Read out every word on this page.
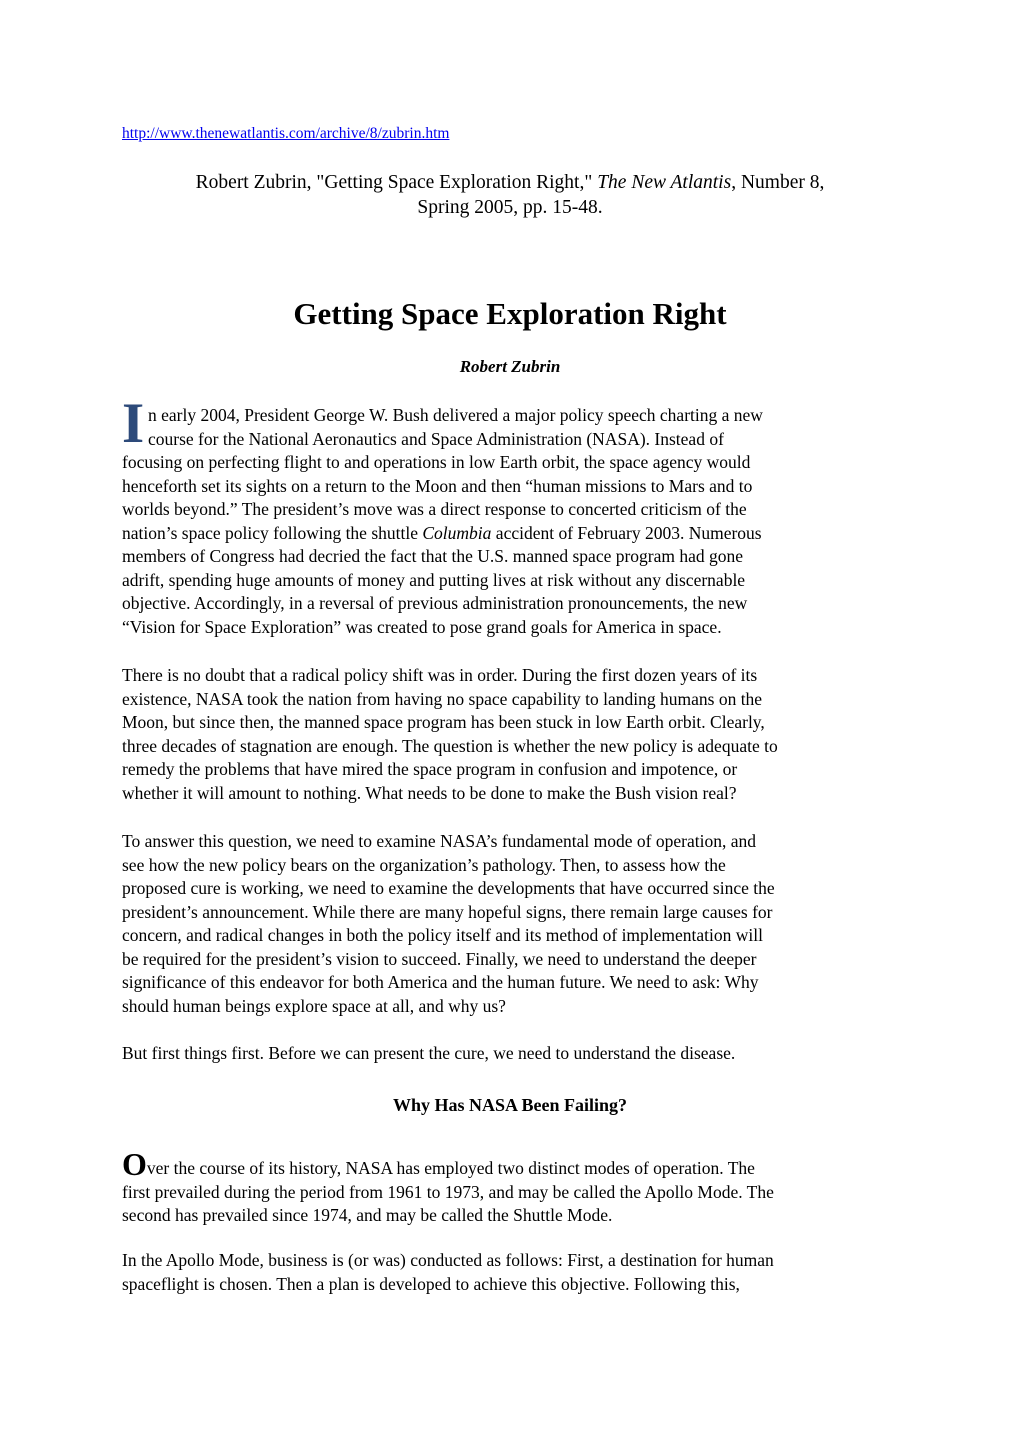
http://www.thenewatlantis.com/archive/8/zubrin.htm
Robert Zubrin, "Getting Space Exploration Right," The New Atlantis, Number 8,
Spring 2005, pp. 15-48.
Getting Space Exploration Right
Robert Zubrin
I n early 2004, President George W. Bush delivered a major policy speech charting a new
course for the National Aeronautics and Space Administration (NASA). Instead of
focusing on perfecting flight to and operations in low Earth orbit, the space agency would
henceforth set its sights on a return to the Moon and then “human missions to Mars and to
worlds beyond.” The president’s move was a direct response to concerted criticism of the
nation’s space policy following the shuttle Columbia accident of February 2003. Numerous
members of Congress had decried the fact that the U.S. manned space program had gone
adrift, spending huge amounts of money and putting lives at risk without any discernable
objective. Accordingly, in a reversal of previous administration pronouncements, the new
“Vision for Space Exploration” was created to pose grand goals for America in space.
There is no doubt that a radical policy shift was in order. During the first dozen years of its
existence, NASA took the nation from having no space capability to landing humans on the
Moon, but since then, the manned space program has been stuck in low Earth orbit. Clearly,
three decades of stagnation are enough. The question is whether the new policy is adequate to
remedy the problems that have mired the space program in confusion and impotence, or
whether it will amount to nothing. What needs to be done to make the Bush vision real?
To answer this question, we need to examine NASA’s fundamental mode of operation, and
see how the new policy bears on the organization’s pathology. Then, to assess how the
proposed cure is working, we need to examine the developments that have occurred since the
president’s announcement. While there are many hopeful signs, there remain large causes for
concern, and radical changes in both the policy itself and its method of implementation will
be required for the president’s vision to succeed. Finally, we need to understand the deeper
significance of this endeavor for both America and the human future. We need to ask: Why
should human beings explore space at all, and why us?
But first things first. Before we can present the cure, we need to understand the disease.
Why Has NASA Been Failing?
Over the course of its history, NASA has employed two distinct modes of operation. The
first prevailed during the period from 1961 to 1973, and may be called the Apollo Mode. The
second has prevailed since 1974, and may be called the Shuttle Mode.
In the Apollo Mode, business is (or was) conducted as follows: First, a destination for human
spaceflight is chosen. Then a plan is developed to achieve this objective. Following this,
